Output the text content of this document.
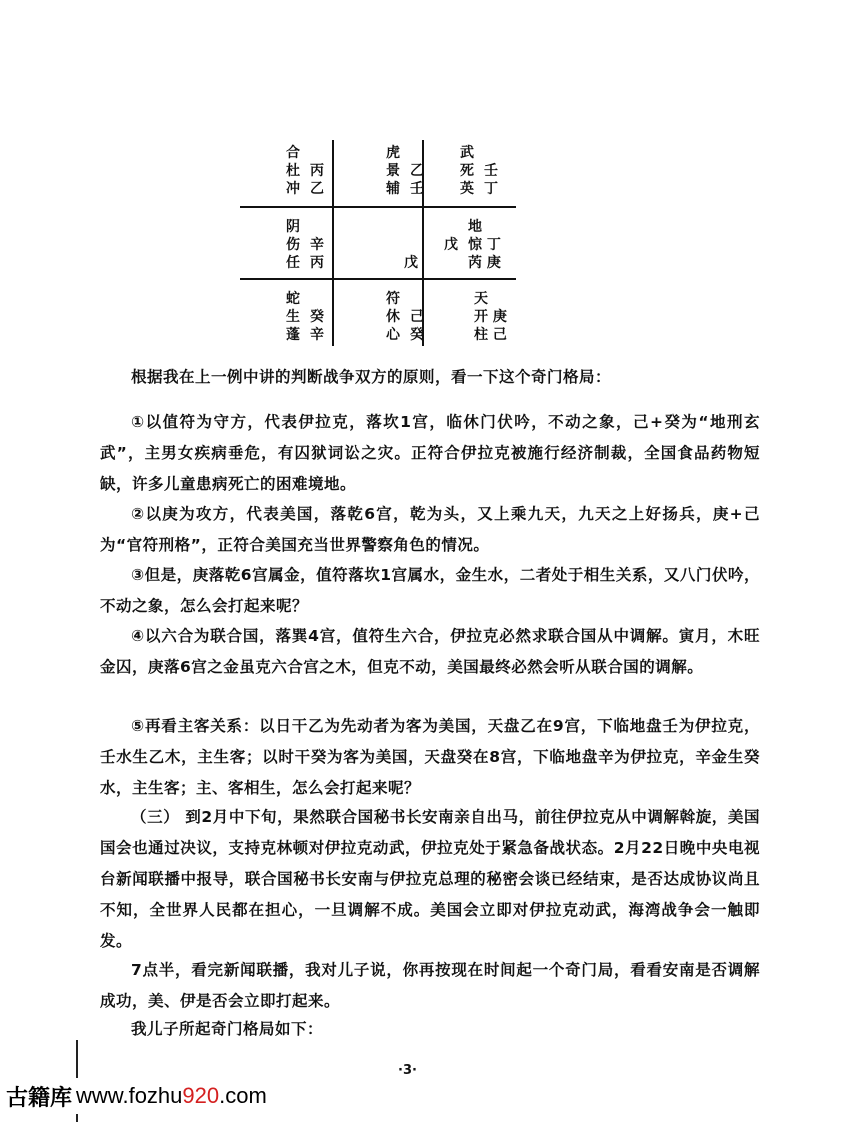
合
杜 丙
冲 乙
虎
景 乙
辅 壬
武
死 壬
英 丁
阴
伤 辛
任 丙	戊
地
戊 惊 丁
芮 庚
蛇
生 癸
蓬 辛
符
休 己
心 癸
天
开 庚
柱 己

根据我在上一例中讲的判断战争双方的原则，看一下这个奇门格局：

①以值符为守方，代表伊拉克，落坎1宫，临休门伏吟，不动之象，己+癸为“地刑玄武”，主男女疾病垂危，有囚狱词讼之灾。正符合伊拉克被施行经济制裁，全国食品药物短缺，许多儿童患病死亡的困难境地。

②以庚为攻方，代表美国，落乾6宫，乾为头，又上乘九天，九天之上好扬兵，庚+己为“官符刑格”，正符合美国充当世界警察角色的情况。

③但是，庚落乾6宫属金，值符落坎1宫属水，金生水，二者处于相生关系，又八门伏吟，不动之象，怎么会打起来呢？

④以六合为联合国，落巽4宫，值符生六合，伊拉克必然求联合国从中调解。寅月，木旺金囚，庚落6宫之金虽克六合宫之木，但克不动，美国最终必然会听从联合国的调解。

⑤再看主客关系：以日干乙为先动者为客为美国，天盘乙在9宫，下临地盘壬为伊拉克，壬水生乙木，主生客；以时干癸为客为美国，天盘癸在8宫，下临地盘辛为伊拉克，辛金生癸水，主生客；主、客相生，怎么会打起来呢？

（三） 到2月中下旬，果然联合国秘书长安南亲自出马，前往伊拉克从中调解斡旋，美国国会也通过决议，支持克林顿对伊拉克动武，伊拉克处于紧急备战状态。2月22日晚中央电视台新闻联播中报导，联合国秘书长安南与伊拉克总理的秘密会谈已经结束，是否达成协议尚且不知，全世界人民都在担心，一旦调解不成。美国会立即对伊拉克动武，海湾战争会一触即发。

7点半，看完新闻联播，我对儿子说，你再按现在时间起一个奇门局，看看安南是否调解成功，美、伊是否会立即打起来。

我儿子所起奇门格局如下：

·3·
古籍库 www.fozhu920.com
